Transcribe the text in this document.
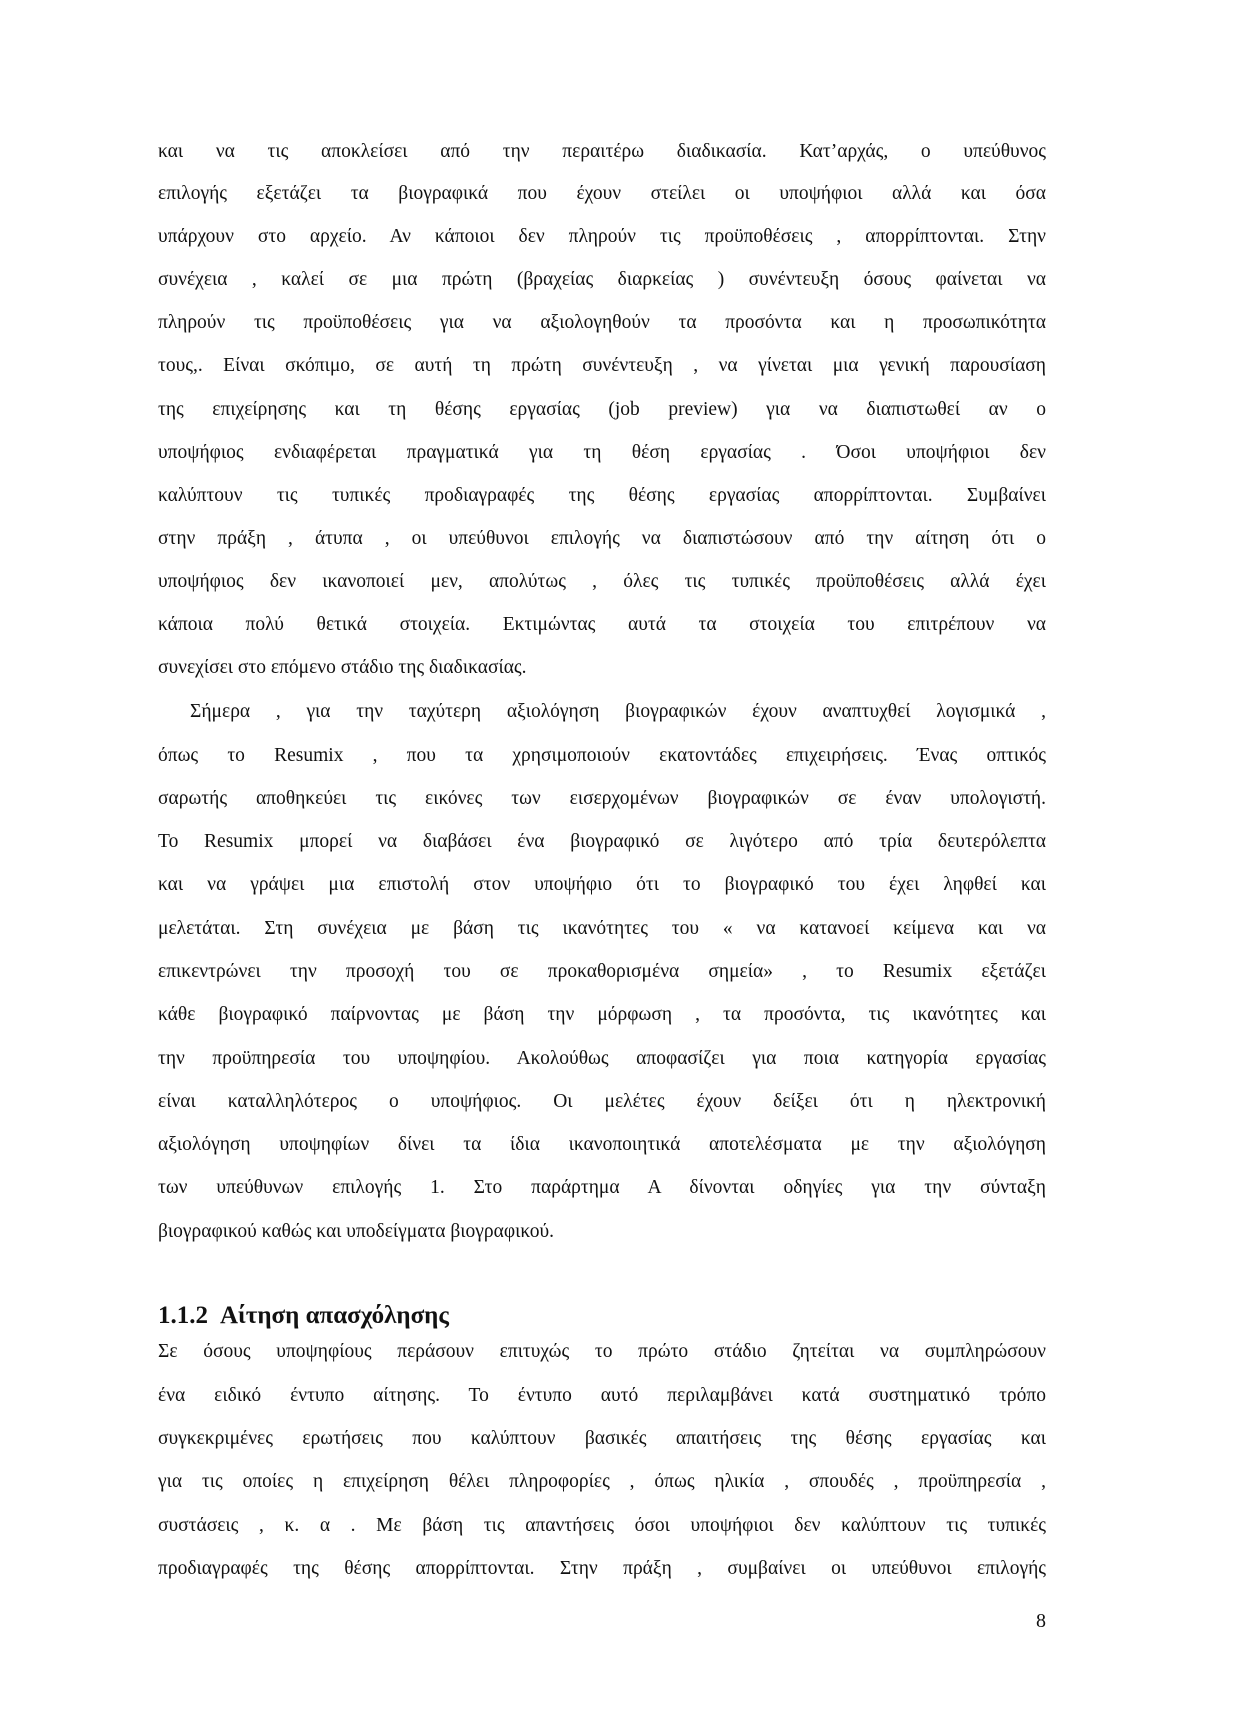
και να τις αποκλείσει από την περαιτέρω διαδικασία. Κατ’αρχάς, ο υπεύθυνος
επιλογής εξετάζει τα βιογραφικά που έχουν στείλει οι υποψήφιοι αλλά και όσα
υπάρχουν στο αρχείο. Αν κάποιοι δεν πληρούν τις προϋποθέσεις , απορρίπτονται. Στην
συνέχεια , καλεί σε μια πρώτη (βραχείας διαρκείας ) συνέντευξη όσους φαίνεται να
πληρούν τις προϋποθέσεις για να αξιολογηθούν τα προσόντα και η προσωπικότητα
τους,. Είναι σκόπιμο, σε αυτή τη πρώτη συνέντευξη , να γίνεται μια γενική παρουσίαση
της επιχείρησης και τη θέσης εργασίας (job preview) για να διαπιστωθεί αν ο
υποψήφιος ενδιαφέρεται πραγματικά για τη θέση εργασίας . Όσοι υποψήφιοι δεν
καλύπτουν τις τυπικές προδιαγραφές της θέσης εργασίας απορρίπτονται. Συμβαίνει
στην πράξη , άτυπα , οι υπεύθυνοι επιλογής να διαπιστώσουν από την αίτηση ότι ο
υποψήφιος δεν ικανοποιεί μεν, απολύτως , όλες τις τυπικές προϋποθέσεις αλλά έχει
κάποια πολύ θετικά στοιχεία. Εκτιμώντας αυτά τα στοιχεία του επιτρέπουν να
συνεχίσει στο επόμενο στάδιο της διαδικασίας.
Σήμερα , για την ταχύτερη αξιολόγηση βιογραφικών έχουν αναπτυχθεί λογισμικά ,
όπως το Resumix , που τα χρησιμοποιούν εκατοντάδες επιχειρήσεις. Ένας οπτικός
σαρωτής αποθηκεύει τις εικόνες των εισερχομένων βιογραφικών σε έναν υπολογιστή.
Το Resumix μπορεί να διαβάσει ένα βιογραφικό σε λιγότερο από τρία δευτερόλεπτα
και να γράψει μια επιστολή στον υποψήφιο ότι το βιογραφικό του έχει ληφθεί και
μελετάται. Στη συνέχεια με βάση τις ικανότητες του « να κατανοεί κείμενα και να
επικεντρώνει την προσοχή του σε προκαθορισμένα σημεία» , το Resumix εξετάζει
κάθε βιογραφικό παίρνοντας με βάση την μόρφωση , τα προσόντα, τις ικανότητες και
την προϋπηρεσία του υποψηφίου. Ακολούθως αποφασίζει για ποια κατηγορία εργασίας
είναι καταλληλότερος ο υποψήφιος. Οι μελέτες έχουν δείξει ότι η ηλεκτρονική
αξιολόγηση υποψηφίων δίνει τα ίδια ικανοποιητικά αποτελέσματα με την αξιολόγηση
των υπεύθυνων επιλογής 1. Στο παράρτημα Α δίνονται οδηγίες για την σύνταξη
βιογραφικού καθώς και υποδείγματα βιογραφικού.
1.1.2 Αίτηση απασχόλησης
Σε όσους υποψηφίους περάσουν επιτυχώς το πρώτο στάδιο ζητείται να συμπληρώσουν
ένα ειδικό έντυπο αίτησης. Το έντυπο αυτό περιλαμβάνει κατά συστηματικό τρόπο
συγκεκριμένες ερωτήσεις που καλύπτουν βασικές απαιτήσεις της θέσης εργασίας και
για τις οποίες η επιχείρηση θέλει πληροφορίες , όπως ηλικία , σπουδές , προϋπηρεσία ,
συστάσεις , κ. α . Με βάση τις απαντήσεις όσοι υποψήφιοι δεν καλύπτουν τις τυπικές
προδιαγραφές της θέσης απορρίπτονται. Στην πράξη , συμβαίνει οι υπεύθυνοι επιλογής
8
